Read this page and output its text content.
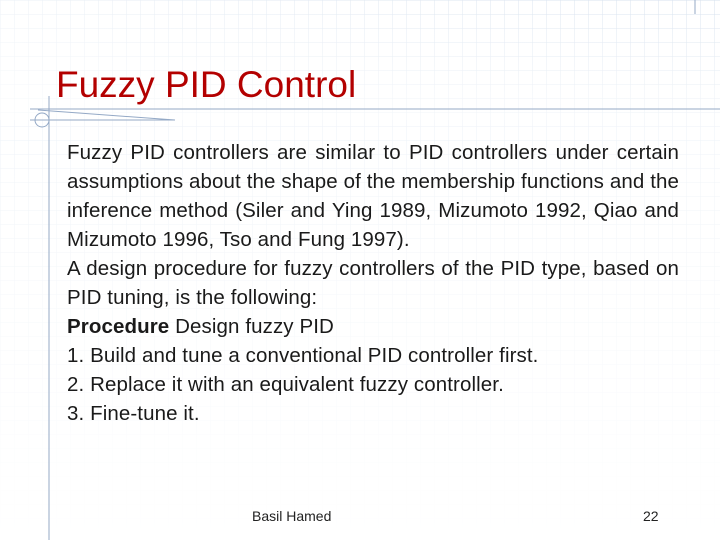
Fuzzy PID Control
Fuzzy PID controllers are similar to PID controllers under certain assumptions about the shape of the membership functions and the inference method (Siler and Ying 1989, Mizumoto 1992, Qiao and Mizumoto 1996, Tso and Fung 1997).
A design procedure for fuzzy controllers of the PID type, based on PID tuning, is the following:
Procedure Design fuzzy PID
1. Build and tune a conventional PID controller first.
2. Replace it with an equivalent fuzzy controller.
3. Fine-tune it.
Basil Hamed	22
